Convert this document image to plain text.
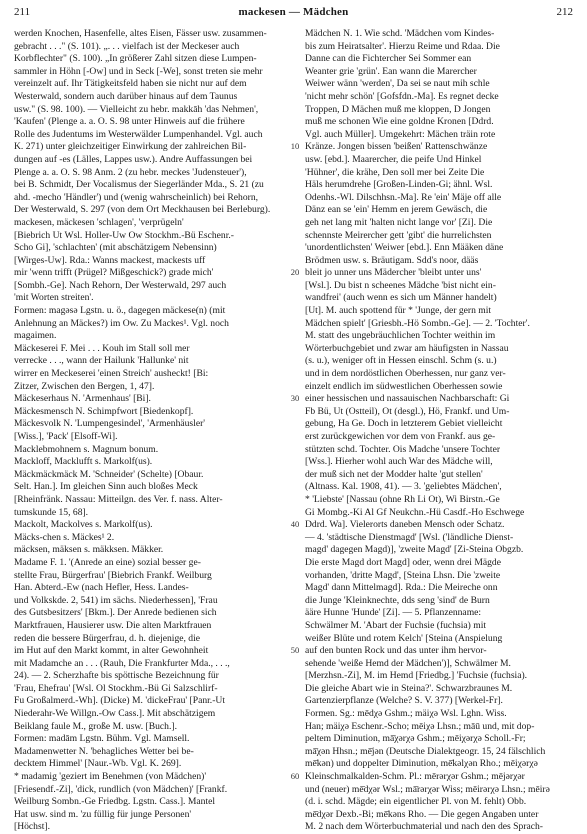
211	mackesen — Mädchen	212
werden Knochen, Hasenfelle, altes Eisen, Fässer usw. zusammen-
gebracht . . ." (S. 101). „. . . vielfach ist der Meckeser auch
Korbflechter" (S. 100). „In größerer Zahl sitzen diese Lumpen-
sammler in Höhn [-Ow] und in Seck [-We], sonst treten sie mehr
vereinzelt auf. Ihr Tätigkeitsfeld haben sie nicht nur auf dem
Westerwald, sondern auch darüber hinaus auf dem Taunus
usw." (S. 98. 100). — Vielleicht zu hebr. makkāh 'das Nehmen',
'Kaufen' (Plenge a. a. O. S. 98 unter Hinweis auf die frühere
Rolle des Judentums im Westerwälder Lumpenhandel. Vgl. auch
K. 271) unter gleichzeitiger Einwirkung der zahlreichen Bil-
dungen auf -es (Lälles, Lappes usw.). Andre Auffassungen bei
Plenge a. a. O. S. 98 Anm. 2 (zu hebr. meckes 'Judensteuer'),
bei B. Schmidt, Der Vocalismus der Siegerländer Mda., S. 21 (zu
ahd. -mecho 'Händler') und (wenig wahrscheinlich) bei Rehorn,
Der Westerwald, S. 297 (von dem Ort Meckhausen bei Berleburg).
mackesen, mäckesen 'schlagen', 'verprügeln'
[Biebrich Ut Wsl. Holler-Uw Ow Stockhm.-Bü Eschenr.-
Scho Gi], 'schlachten' (mit abschätzigem Nebensinn)
[Wirges-Uw]. Rda.: Wanns mackest, mackests uff
mir 'wenn trifft (Prügel? Mißgeschick?) grade mich'
[Sombh.-Ge]. Nach Rehorn, Der Westerwald, 297 auch
'mit Worten streiten'.
Formen: magәsә Lgstn. u. ö., dagegen mäckese(n) (mit
Anlehnung an Mäckes?) im Ow. Zu Mackes¹. Vgl. noch
magaimen.
Mäckeserei F. Mei . . . Kouh im Stall soll mer
verrecke . . ., wann der Hailunk 'Hallunke' nit
wirrer en Meckeserei 'einen Streich' ausheckt! [Bi:
Zitzer, Zwischen den Bergen, 1, 47].
Mäckeserhaus N. 'Armenhaus' [Bi].
Mäckesmensch N. Schimpfwort [Biedenkopf].
Mäckesvolk N. 'Lumpengesindel', 'Armenhäusler'
[Wiss.], 'Pack' [Elsoff-Wi].
Macklebmohnem s. Magnum bonum.
Mackloff, Macklufft s. Markolf(us).
Mäckmäckmäck M. 'Schneider' (Schelte) [Obaur.
Selt. Han.]. Im gleichen Sinn auch bloßes Meck
[Rheinfränk. Nassau: Mitteilgn. des Ver. f. nass. Alter-
tumskunde 15, 68].
Mackolt, Mackolves s. Markolf(us).
Mäcks-chen s. Mäckes¹ 2.
mäcksen, mäksen s. mäkksen. Mäkker.
Madame F. 1. '(Anrede an eine) sozial besser ge-
stellte Frau, Bürgerfrau' [Biebrich Frankf. Weilburg
Han. Abterd.-Ew (nach Hefler, Hess. Landes-
und Volkskde. 2, 541) im sächs. Niederhessen], 'Frau
des Gutsbesitzers' [Bkm.]. Der Anrede bedienen sich
Marktfrauen, Hausierer usw. Die alten Marktfrauen
reden die bessere Bürgerfrau, d. h. diejenige, die
im Hut auf den Markt kommt, in alter Gewohnheit
mit Madamche an . . . (Rauh, Die Frankfurter Mda., . . .,
24). — 2. Scherzhafte bis spöttische Bezeichnung für
'Frau, Ehefrau' [Wsl. Ol Stockhm.-Bü Gi Salzschlirf-
Fu Großalmerd.-Wh]. (Dicke) M. 'dickeFrau' [Panr.-Ut
Niederahr-We Willgn.-Ow Cass.]. Mit abschätzigem
Beiklang faule M., große M. usw. [Buch.].
Formen: madām Lgstn. Bühm. Vgl. Mamsell.
Madamenwetter N. 'behagliches Wetter bei be-
decktem Himmel' [Naur.-Wb. Vgl. K. 269].
* madamig 'geziert im Benehmen (von Mädchen)'
[Friesendf.-Zi], 'dick, rundlich (von Mädchen)' [Frankf.
Weilburg Sombn.-Ge Friedbg. Lgstn. Cass.]. Mantel
Hat usw. sind m. 'zu füllig für junge Personen'
[Höchst].
10
20
30
40
50
60
Mädchen N. 1. Wie schd. 'Mädchen vom Kindes-
bis zum Heiratsalter'. Hierzu Reime und Rdaa. Die
Danne can die Fichtercher Sei Sommer ean
Weanter grie 'grün'. Ean wann die Marercher
Weiwer wänn 'werden', Da sei se naut mih schle
'nicht mehr schön' [Gofsfdn.-Ma]. Es regnet decke
Troppen, D Mächen muß me kloppen, D Jongen
muß me schonen Wie eine goldne Kronen [Ddrd.
Vgl. auch Müller]. Umgekehrt: Mächen träin rote
Kränze. Jongen bissen 'beißen' Rattenschwänze
usw. [ebd.]. Maarercher, die peife Und Hinkel
'Hühner', die krähe, Den soll mer bei Zeite Die
Häls herumdrehe [Großen-Linden-Gi; ähnl. Wsl.
Odenhs.-Wl. Dilschhsn.-Ma]. Re 'ein' Mäje off alle
Dänz ean se 'ein' Hemm en jerem Gewäsch, die
geh net lang mit 'halten nicht lange vor' [Zi]. Die
schennste Meirercher gett 'gibt' die hurrelichsten
'unordentlichsten' Weiwer [ebd.]. Enn Määken däne
Brödmen usw. s. Bräutigam. Sdd's noor, dääs
bleit jo unner uns Mädercher 'bleibt unter uns'
[Wsl.]. Du bist n scheenes Mädche 'bist nicht ein-
wandfrei' (auch wenn es sich um Männer handelt)
[Ut]. M. auch spottend für * 'Junge, der gern mit
Mädchen spielt' [Griesbh.-Hö Sombn.-Ge]. — 2. 'Tochter'.
M. statt des ungebräuchlichen Tochter weithin im
Wörterbuchgebiet und zwar am häufigsten in Nassau
(s. u.), weniger oft in Hessen einschl. Schm (s. u.)
und in dem nordöstlichen Oberhessen, nur ganz ver-
einzelt endlich im südwestlichen Oberhessen sowie
einer hessischen und nassauischen Nachbarschaft: Gi
Fb Bü, Ut (Ostteil), Ot (desgl.), Hö, Frankf. und Um-
gebung, Ha Ge. Doch in letzterem Gebiet vielleicht
erst zurückgewichen vor dem von Frankf. aus ge-
stützten schd. Tochter. Ois Madche 'unsere Tochter
[Wss.]. Hierher wohl auch War des Mädche will,
der muß sich net der Modder halte 'gut stellen'
(Altnass. Kal. 1908, 41). — 3. 'geliebtes Mädchen',
* 'Liebste' [Nassau (ohne Rh Li Ot), Wi Birstn.-Ge
Gi Mombg.-Ki Al Gf Neukchn.-Hü Casdf.-Ho Eschwege
Ddrd. Wa]. Vielerorts daneben Mensch oder Schatz.
— 4. 'städtische Dienstmagd' [Wsl. ('ländliche Dienst-
magd' dagegen Magd)], 'zweite Magd' [Zi-Steina Obgzb.
Die erste Magd dort Magd] oder, wenn drei Mägde
vorhanden, 'dritte Magd', [Steina Lhsn. Die 'zweite
Magd' dann Mittelmagd]. Rda.: Die Meireche onn
die Junge 'Kleinknechte, dds seng 'sind' de Burn
ääre Hunne 'Hunde' [Zi]. — 5. Pflanzenname:
Schwälmer M. 'Abart der Fuchsie (fuchsia) mit
weißer Blüte und rotem Kelch' [Steina (Anspielung
auf den bunten Rock und das unter ihm hervor-
sehende 'weiße Hemd der Mädchen')], Schwälmer M.
[Merzhsn.-Zi], M. im Hemd [Friedbg.] 'Fuchsie (fuchsia).
Die gleiche Abart wie in Steina?'. Schwarzbraunes M.
Gartenzierpflanze (Welche? S. V. 377) [Werkel-Fr].
Formen. Sg.: mēdχә Gshm.; mäiχә Wsl. Lghn. Wiss.
Han; mäiχә Eschenr.-Scho; mēiχә Lhsn.; māū und, mit dop-
peltem Diminution, mā̄χәrχә Gshm.; mēiχәrχә Scholl.-Fr;
mā̄χәn Hhsn.; mē̄jәn (Deutsche Dialektgeogr. 15, 24 fälschlich
mē̄kәn) und doppelter Diminution, mē̄kәlχәn Rho.; mēiχәrχә
Kleinschmalkalden-Schm. Pl.: mērәrχәr Gshm.; mējәrχәr
und (neuer) mē̄dχәr Wsl.; mā̄rәrχәr Wiss; mēirәrχә Lhsn.; mēirә
(d. i. schd. Mägde; ein eigentlicher Pl. von M. fehlt) Obb.
mē̄dχәr Dexb.-Bi; mē̄kәns Rho. — Die gegen Angaben unter
M. 2 nach dem Wörterbuchmaterial und nach den des Sprach-
